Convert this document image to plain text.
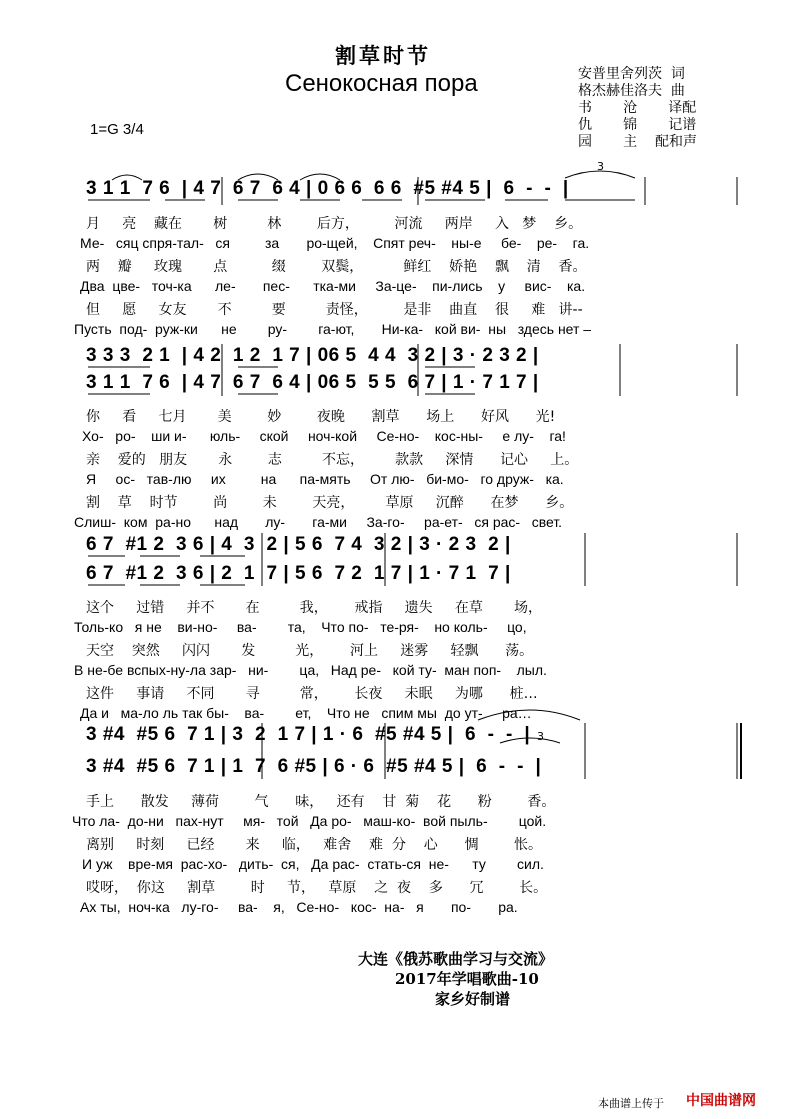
割草时节
Сенокосная пора	安普里舍列茨  词
格杰赫佳洛夫  曲
书       沧       译配
仇       锦       记谱
园       主    配和声
1=G 3/4
3 1 1  7 6  | 4 7  6 7  6 4 | 0 6 6  6 6  #5 #4 5 |  6  -  -  |
3
月     亮    藏在       树         林        后方，        河流     两岸     入   梦    乡。
Ме-   сяц спря-тал-   ся         за       ро-щей,    Спят реч-    ны-е     бе-    ре-    га.
两    瓣     玫瑰       点          缀        双鬓，         鲜红    娇艳    飘    清    香。
Два  цве-   точ-ка      ле-       пес-      тка-ми     За-це-    пи-лись    у     вис-    ка.
但     愿     女友       不         要         责怪，        是非    曲直    很     难   讲--
Пусть  под-  руж-ки      не        ру-        га-ют,       Ни-ка-   кой ви-  ны   здесь нет –
3 3 3  2 1  | 4 2  1 2  1 7 | 06 5  4 4  3 2 | 3 · 2 3 2 |
3 1 1  7 6  | 4 7  6 7  6 4 | 06 5  5 5  6 7 | 1 · 7 1 7 |
你     看     七月       美        妙        夜晚      割草      场上      好风      光!
Хо-   ро-    ши и-      юль-     ской     ноч-кой     Се-но-    кос-ны-     е лу-    га!
亲    爱的   朋友       永        志         不忘，       款款     深情      记心     上。
Я     ос-   тав-лю     их         на      па-мять     От лю-   би-мо-   го друж-   ка.
割    草    时节        尚        未        天亮，       草原     沉醉      在梦      乡。
Слиш-  ком  ра-но      над       лу-       га-ми     За-го-     ра-ет-   ся рас-   свет.
6 7  #1 2  3 6 | 4  3  2 | 5 6  7 4  3 2 | 3 · 2 3  2 |
6 7  #1 2  3 6 | 2  1  7 | 5 6  7 2  1 7 | 1 · 7 1  7 |
这个     过错     并不       在         我，      戒指     遗失     在草       场，
Толь-ко   я не    ви-но-     ва-        та,    Что по-   те-ря-    но коль-     цо,
天空    突然     闪闪       发         光，      河上     迷雾     轻飘      荡。
В не-бе вспых-ну-ла зар-   ни-        ца,   Над ре-   кой ту-  ман поп-    лыл.
这件     事请     不同       寻         常，      长夜     未眠     为哪      桩…
Да и   ма-ло ль так бы-    ва-        ет,    Что не   спим мы  до ут-     ра…
3
3 #4  #5 6  7 1 | 3  2  1 7 | 1 · 6  #5 #4 5 |  6  -  -  |
3 #4  #5 6  7 1 | 1  7  6 #5 | 6 · 6  #5 #4 5 |  6  -  -  |
手上      散发     薄荷        气      味，   还有    甘  菊    花      粉        香。
Что ла-  до-ни   пах-нут     мя-   той   Да ро-   маш-ко-  вой пыль-        цой.
离别     时刻     已经       来     临，   难舍    难  分    心      惆        怅。
И уж    вре-мя  рас-хо-   дить-  ся,   Да рас-  стать-ся  не-      ту        сил.
哎呀，  你这     割草        时     节，   草原    之  夜    多      冗        长。
Ах ты,  ноч-ка   лу-го-     ва-    я,   Се-но-   кос-  на-   я       по-       ра.
大连《俄苏歌曲学习与交流》
2017年学唱歌曲-10
家乡好制谱
本曲谱上传于 中国曲谱网
